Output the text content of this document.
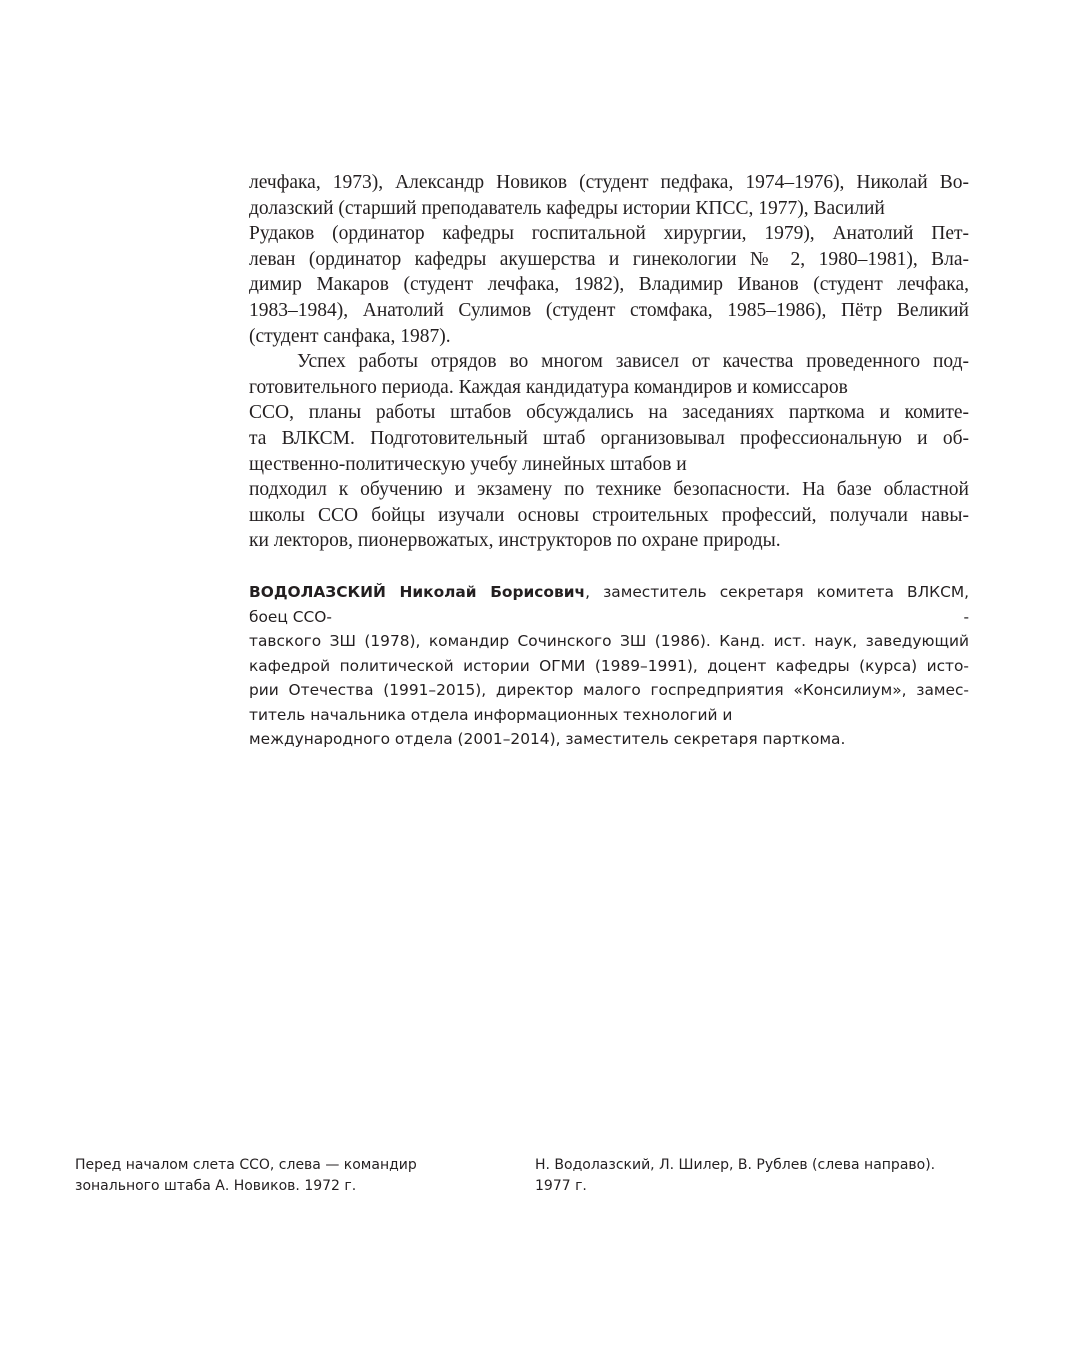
лечфака, 1973), Александр Новиков (студент педфака, 1974–1976), Николай Во-
долазский (старший преподаватель кафедры истории КПСС, 1977), Василий
Рудаков (ординатор кафедры госпитальной хирургии, 1979), Анатолий Пет-
леван (ординатор кафедры акушерства и гинекологии № 2, 1980–1981), Вла-
димир Макаров (студент лечфака, 1982), Владимир Иванов (студент лечфака,
1983–1984), Анатолий Сулимов (студент стомфака, 1985–1986), Пётр Великий
(студент санфака, 1987).
Успех работы отрядов во многом зависел от качества проведенного под-
готовительного периода. Каждая кандидатура командиров и комиссаров
ССО, планы работы штабов обсуждались на заседаниях парткома и комите-
та ВЛКСМ. Подготовительный штаб организовывал профессиональную и об-
щественно-политическую учебу линейных штабов и
подходил к обучению и экзамену по технике безопасности. На базе областной
школы ССО бойцы изучали основы строительных профессий, получали навы-
ки лекторов, пионервожатых, инструкторов по охране природы.
ВОДОЛАЗСКИЙ Николай Борисович, заместитель секретаря комитета ВЛКСМ,
боец ССО-	-
тавского ЗШ (1978), командир Сочинского ЗШ (1986). Канд. ист. наук, заведующий
кафедрой политической истории ОГМИ (1989–1991), доцент кафедры (курса) исто-
рии Отечества (1991–2015), директор малого госпредприятия «Консилиум», замес-
титель начальника отдела информационных технологий и
международного отдела (2001–2014), заместитель секретаря парткома.
Перед началом слета ССО, слева — командир
зонального штаба А. Новиков. 1972 г.
Н. Водолазский, Л. Шилер, В. Рублев (слева направо).
1977 г.
